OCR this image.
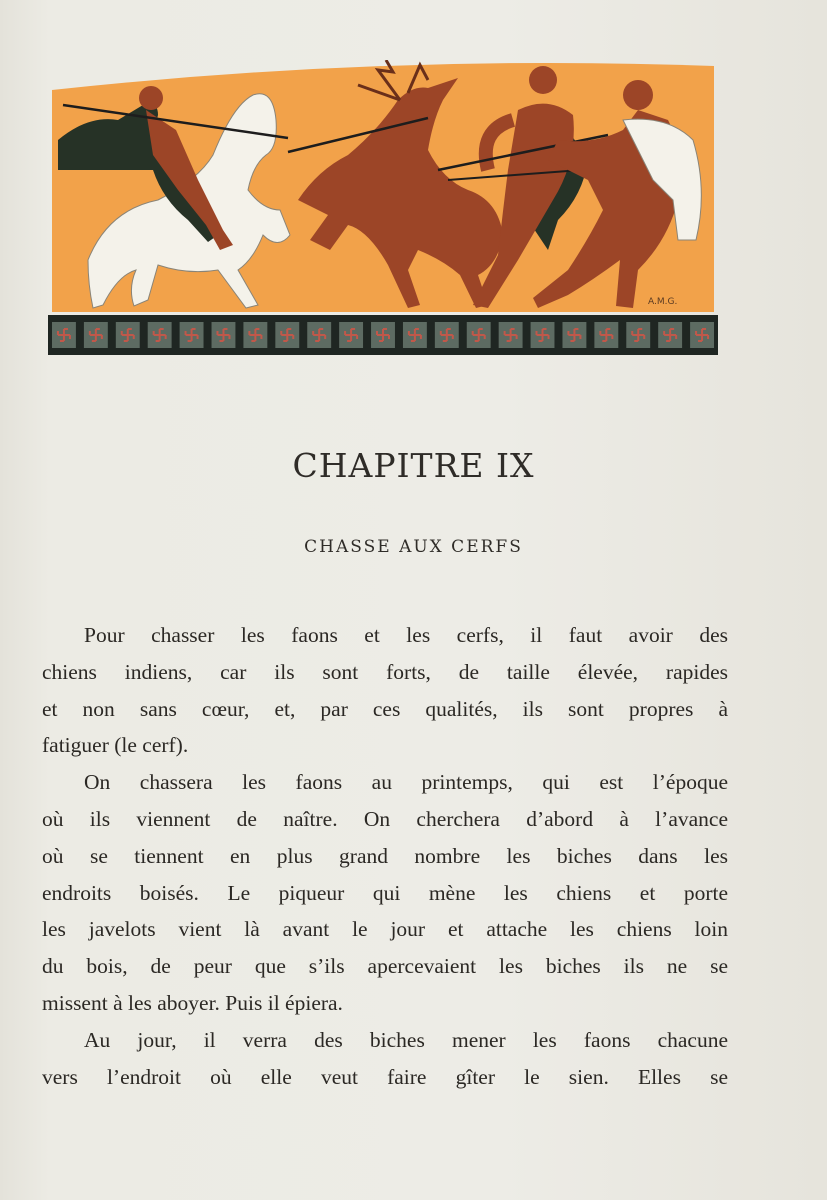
A.M.G.
CHAPITRE IX
CHASSE AUX CERFS
Pour chasser les faons et les cerfs, il faut avoir des
chiens indiens, car ils sont forts, de taille élevée, rapides
et non sans cœur, et, par ces qualités, ils sont propres à
fatiguer (le cerf).
On chassera les faons au printemps, qui est l’époque
où ils viennent de naître. On cherchera d’abord à l’avance
où se tiennent en plus grand nombre les biches dans les
endroits boisés. Le piqueur qui mène les chiens et porte
les javelots vient là avant le jour et attache les chiens loin
du bois, de peur que s’ils apercevaient les biches ils ne se
missent à les aboyer. Puis il épiera.
Au jour, il verra des biches mener les faons chacune
vers l’endroit où elle veut faire gîter le sien. Elles se
